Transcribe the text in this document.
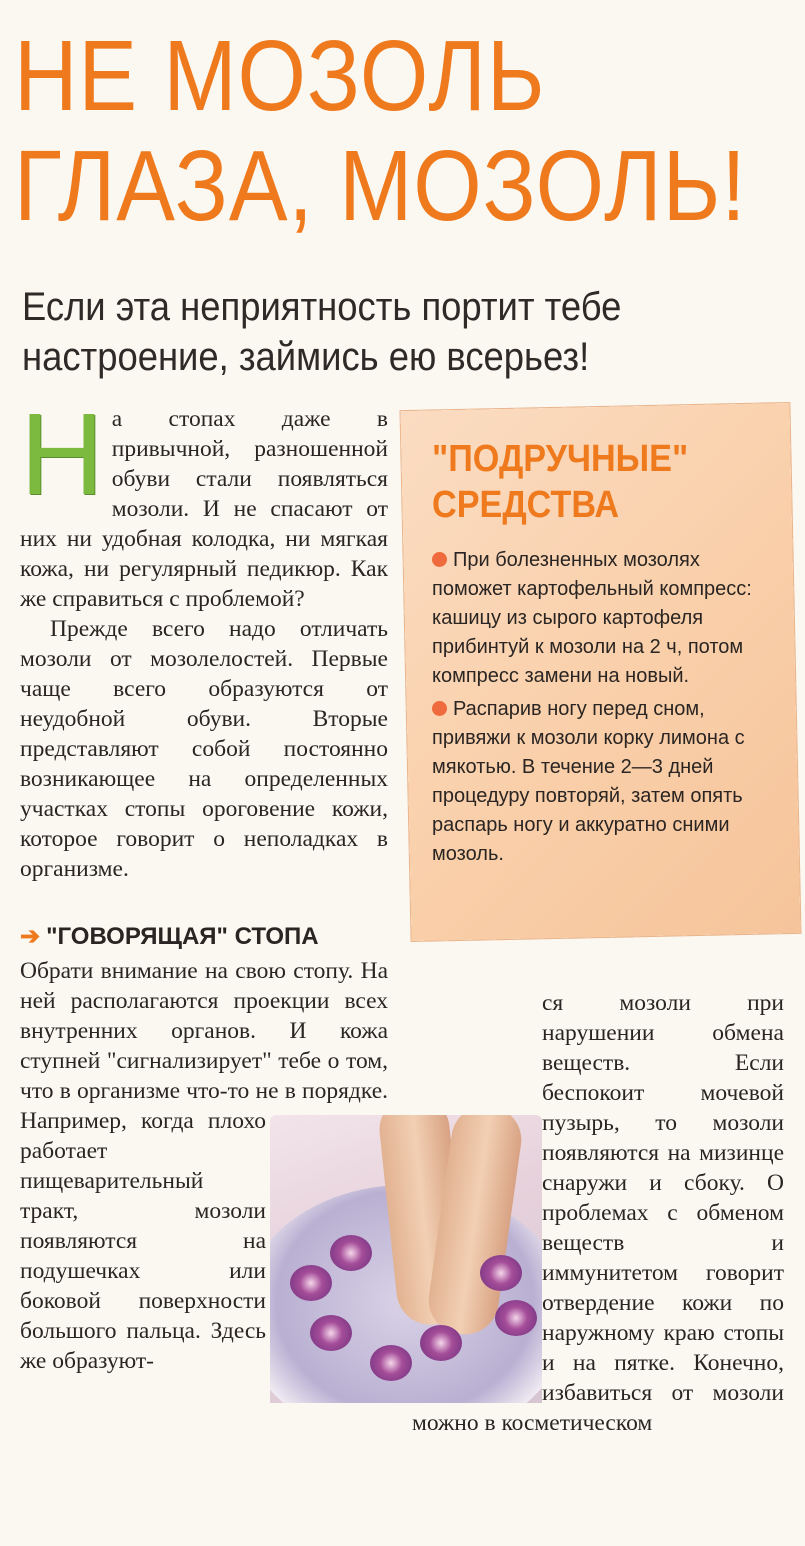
НЕ МОЗОЛЬ
ГЛАЗА, МОЗОЛЬ!
Если эта неприятность портит тебе
настроение, займись ею всерьез!

На стопах даже в привычной, разношенной обуви стали появляться мозоли. И не спасают от них ни удобная колодка, ни мягкая кожа, ни регулярный педикюр. Как же справиться с проблемой?

Прежде всего надо отличать мозоли от мозолелостей. Первые чаще всего образуются от неудобной обуви. Вторые представляют собой постоянно возникающее на определенных участках стопы ороговение кожи, которое говорит о неполадках в организме.

"ПОДРУЧНЫЕ" СРЕДСТВА
При болезненных мозолях поможет картофельный компресс: кашицу из сырого картофеля прибинтуй к мозоли на 2 ч, потом компресс замени на новый.
Распарив ногу перед сном, привяжи к мозоли корку лимона с мякотью. В течение 2—3 дней процедуру повторяй, затем опять распарь ногу и аккуратно сними мозоль.
➔ "ГОВОРЯЩАЯ" СТОПА

Обрати внимание на свою стопу. На ней располагаются проекции всех внутренних органов. И кожа ступней "сигнализирует" тебе о том, что в организме что-то не в порядке. Например, когда плохо работает пищеварительный тракт, мозоли появляются на подушечках или боковой поверхности большого пальца. Здесь же образуют-

ся мозоли при нарушении обмена веществ. Если беспокоит мочевой пузырь, то мозоли появляются на мизинце снаружи и сбоку. О проблемах с обменом веществ и иммунитетом говорит отвердение кожи по наружному краю стопы и на пятке. Конечно, избавиться от мозоли можно в косметическом
